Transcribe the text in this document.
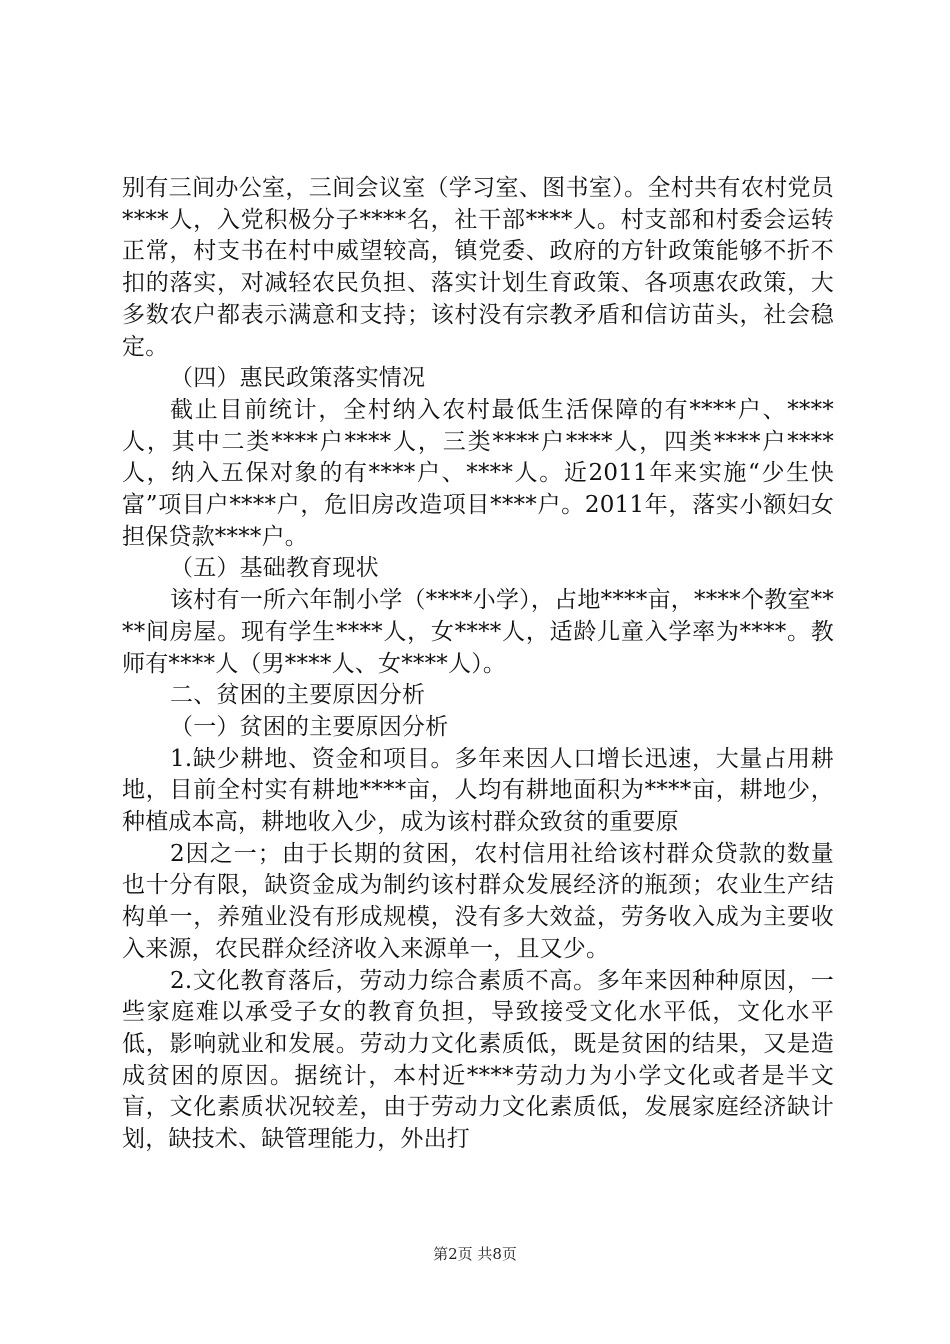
别有三间办公室，三间会议室（学习室、图书室）。全村共有农村党员****人，入党积极分子****名，社干部****人。村支部和村委会运转正常，村支书在村中威望较高，镇党委、政府的方针政策能够不折不扣的落实，对减轻农民负担、落实计划生育政策、各项惠农政策，大多数农户都表示满意和支持；该村没有宗教矛盾和信访苗头，社会稳定。

（四）惠民政策落实情况

截止目前统计，全村纳入农村最低生活保障的有****户、****人，其中二类****户****人，三类****户****人，四类****户****人，纳入五保对象的有****户、****人。近2011年来实施“少生快富”项目户****户，危旧房改造项目****户。2011年，落实小额妇女担保贷款****户。

（五）基础教育现状

该村有一所六年制小学（****小学），占地****亩，****个教室****间房屋。现有学生****人，女****人，适龄儿童入学率为****。教师有****人（男****人、女****人）。

二、贫困的主要原因分析

（一）贫困的主要原因分析

1.缺少耕地、资金和项目。多年来因人口增长迅速，大量占用耕地，目前全村实有耕地****亩，人均有耕地面积为****亩，耕地少，种植成本高，耕地收入少，成为该村群众致贫的重要原

2因之一；由于长期的贫困，农村信用社给该村群众贷款的数量也十分有限，缺资金成为制约该村群众发展经济的瓶颈；农业生产结构单一，养殖业没有形成规模，没有多大效益，劳务收入成为主要收入来源，农民群众经济收入来源单一，且又少。

2.文化教育落后，劳动力综合素质不高。多年来因种种原因，一些家庭难以承受子女的教育负担，导致接受文化水平低，文化水平低，影响就业和发展。劳动力文化素质低，既是贫困的结果，又是造成贫困的原因。据统计，本村近****劳动力为小学文化或者是半文盲，文化素质状况较差，由于劳动力文化素质低，发展家庭经济缺计划，缺技术、缺管理能力，外出打

第2页 共8页
